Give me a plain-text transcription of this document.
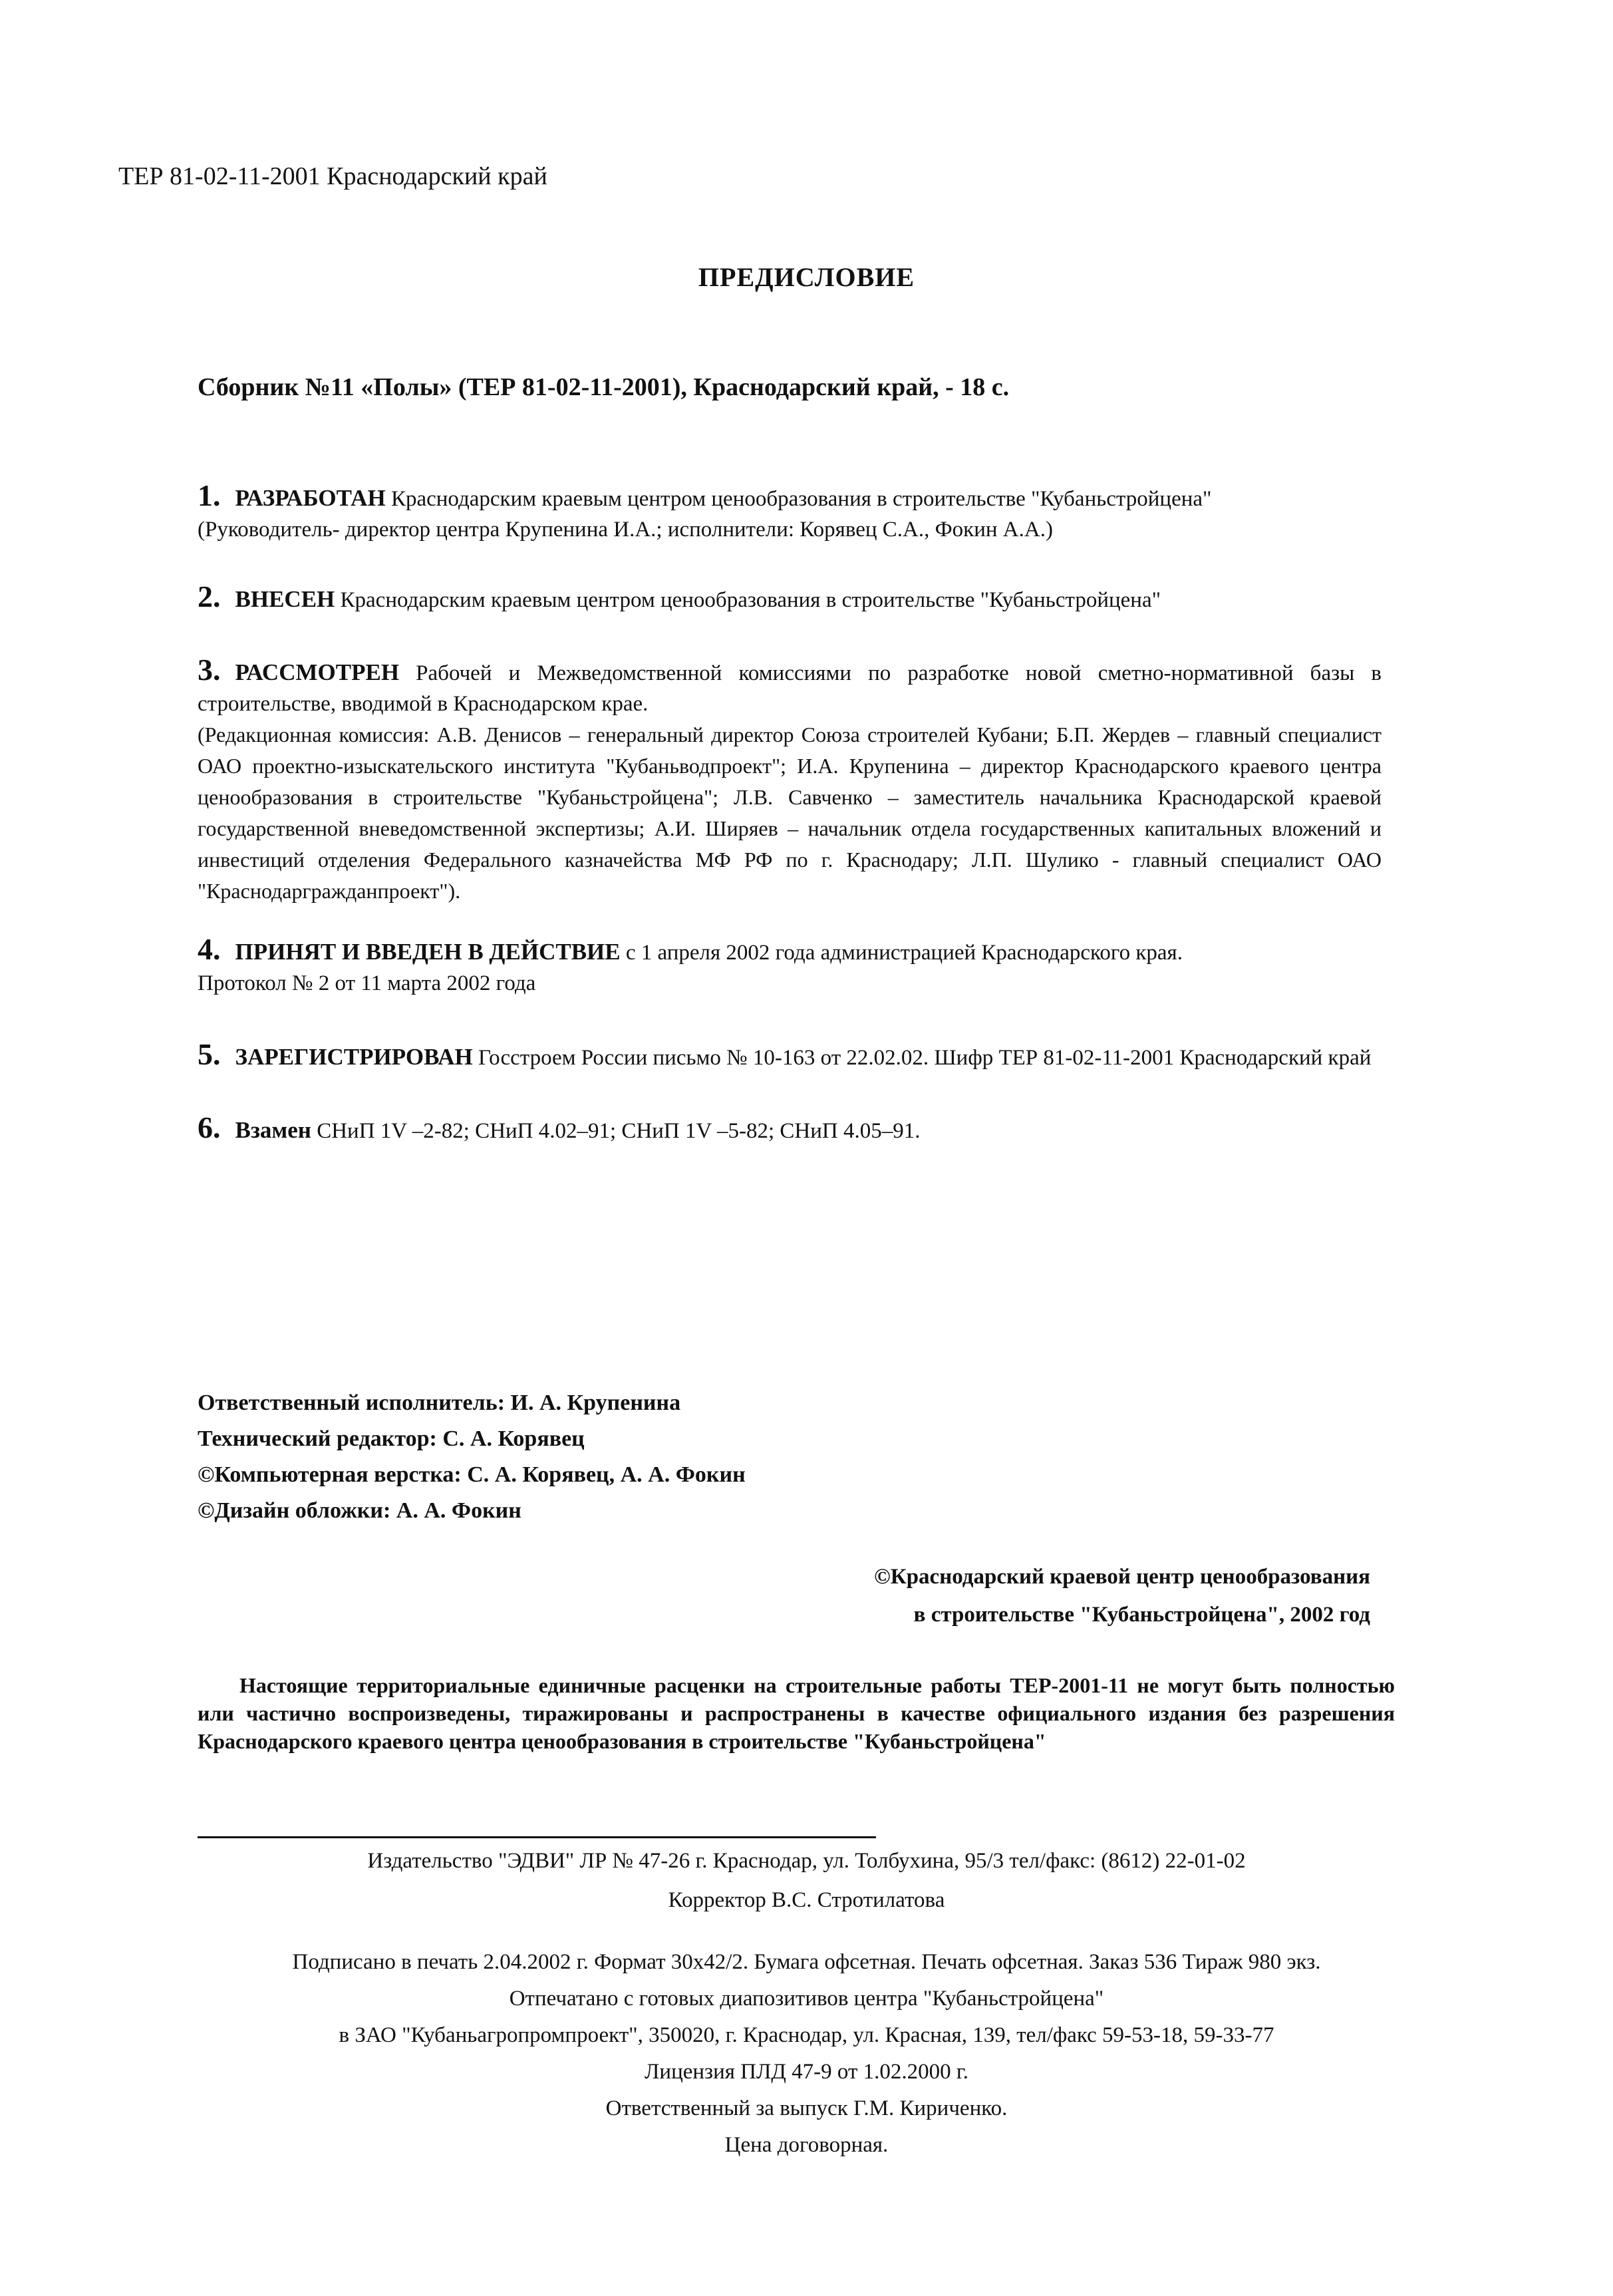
ТЕР 81-02-11-2001 Краснодарский край
ПРЕДИСЛОВИЕ
Сборник №11 «Полы» (ТЕР 81-02-11-2001), Краснодарский край, - 18 с.
1. РАЗРАБОТАН Краснодарским краевым центром ценообразования в строительстве "Кубаньстройцена"
(Руководитель- директор центра Крупенина И.А.; исполнители: Корявец С.А., Фокин А.А.)
2. ВНЕСЕН Краснодарским краевым центром ценообразования в строительстве "Кубаньстройцена"
3. РАССМОТРЕН Рабочей и Межведомственной комиссиями по разработке новой сметно-нормативной базы в строительстве, вводимой в Краснодарском крае.
(Редакционная комиссия: А.В. Денисов – генеральный директор Союза строителей Кубани; Б.П. Жердев – главный специалист ОАО проектно-изыскательского института "Кубаньводпроект"; И.А. Крупенина – директор Краснодарского краевого центра ценообразования в строительстве "Кубаньстройцена"; Л.В. Савченко – заместитель начальника Краснодарской краевой государственной вневедомственной экспертизы; А.И. Ширяев – начальник отдела государственных капитальных вложений и инвестиций отделения Федерального казначейства МФ РФ по г. Краснодару; Л.П. Шулико - главный специалист ОАО "Краснодаргражданпроект").
4. ПРИНЯТ И ВВЕДЕН В ДЕЙСТВИЕ с 1 апреля 2002 года администрацией Краснодарского края.
Протокол № 2 от 11 марта 2002 года
5. ЗАРЕГИСТРИРОВАН Госстроем России письмо № 10-163 от 22.02.02. Шифр ТЕР 81-02-11-2001 Краснодарский край
6. Взамен СНиП 1V –2-82; СНиП 4.02–91; СНиП 1V –5-82; СНиП 4.05–91.
Ответственный исполнитель: И. А. Крупенина
Технический редактор: С. А. Корявец
©Компьютерная верстка: С. А. Корявец, А. А. Фокин
©Дизайн обложки: А. А. Фокин
©Краснодарский краевой центр ценообразования
в строительстве "Кубаньстройцена", 2002 год
Настоящие территориальные единичные расценки на строительные работы ТЕР-2001-11 не могут быть полностью или частично воспроизведены, тиражированы и распространены в качестве официального издания без разрешения Краснодарского краевого центра ценообразования в строительстве "Кубаньстройцена"
Издательство "ЭДВИ" ЛР № 47-26 г. Краснодар, ул. Толбухина, 95/3 тел/факс: (8612) 22-01-02
Корректор В.С. Стротилатова
Подписано в печать 2.04.2002 г. Формат 30х42/2. Бумага офсетная. Печать офсетная. Заказ 536 Тираж 980 экз.
Отпечатано с готовых диапозитивов центра "Кубаньстройцена"
в ЗАО "Кубаньагропромпроект", 350020, г. Краснодар, ул. Красная, 139, тел/факс 59-53-18, 59-33-77
Лицензия ПЛД 47-9 от 1.02.2000 г.
Ответственный за выпуск Г.М. Кириченко.
Цена договорная.
